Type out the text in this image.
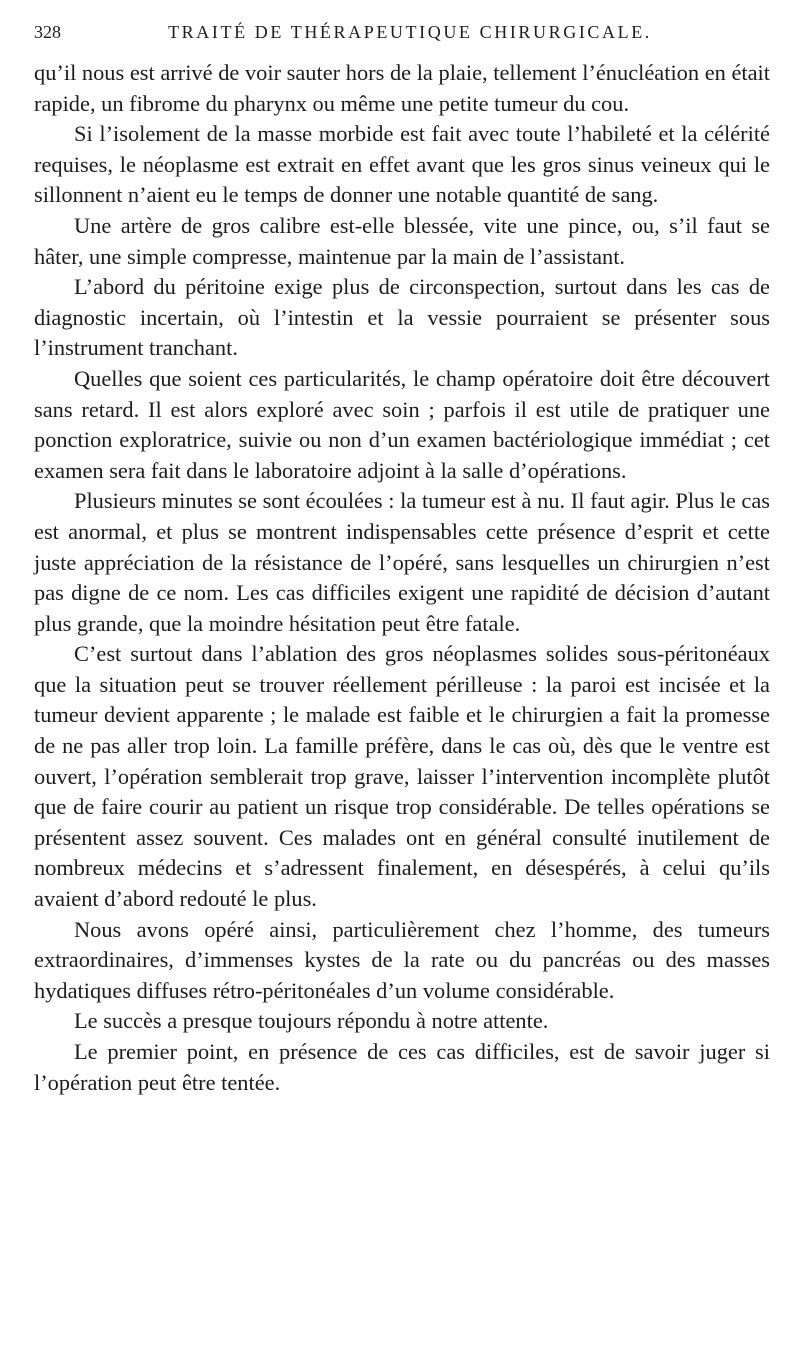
328	TRAITÉ DE THÉRAPEUTIQUE CHIRURGICALE.

qu’il nous est arrivé de voir sauter hors de la plaie, tellement l’énucléation en était rapide, un fibrome du pharynx ou même une petite tumeur du cou.

Si l’isolement de la masse morbide est fait avec toute l’habileté et la célérité requises, le néoplasme est extrait en effet avant que les gros sinus veineux qui le sillonnent n’aient eu le temps de donner une notable quantité de sang.

Une artère de gros calibre est-elle blessée, vite une pince, ou, s’il faut se hâter, une simple compresse, maintenue par la main de l’assistant.

L’abord du péritoine exige plus de circonspection, surtout dans les cas de diagnostic incertain, où l’intestin et la vessie pourraient se présenter sous l’instrument tranchant.

Quelles que soient ces particularités, le champ opératoire doit être découvert sans retard. Il est alors exploré avec soin ; parfois il est utile de pratiquer une ponction exploratrice, suivie ou non d’un examen bactériologique immédiat ; cet examen sera fait dans le laboratoire adjoint à la salle d’opérations.

Plusieurs minutes se sont écoulées : la tumeur est à nu. Il faut agir. Plus le cas est anormal, et plus se montrent indispensables cette présence d’esprit et cette juste appréciation de la résistance de l’opéré, sans lesquelles un chirurgien n’est pas digne de ce nom. Les cas difficiles exigent une rapidité de décision d’autant plus grande, que la moindre hésitation peut être fatale.

C’est surtout dans l’ablation des gros néoplasmes solides sous-péritonéaux que la situation peut se trouver réellement périlleuse : la paroi est incisée et la tumeur devient apparente ; le malade est faible et le chirurgien a fait la promesse de ne pas aller trop loin. La famille préfère, dans le cas où, dès que le ventre est ouvert, l’opération semblerait trop grave, laisser l’intervention incomplète plutôt que de faire courir au patient un risque trop considérable. De telles opérations se présentent assez souvent. Ces malades ont en général consulté inutilement de nombreux médecins et s’adressent finalement, en désespérés, à celui qu’ils avaient d’abord redouté le plus.

Nous avons opéré ainsi, particulièrement chez l’homme, des tumeurs extraordinaires, d’immenses kystes de la rate ou du pancréas ou des masses hydatiques diffuses rétro-péritonéales d’un volume considérable.

Le succès a presque toujours répondu à notre attente.

Le premier point, en présence de ces cas difficiles, est de savoir juger si l’opération peut être tentée.
